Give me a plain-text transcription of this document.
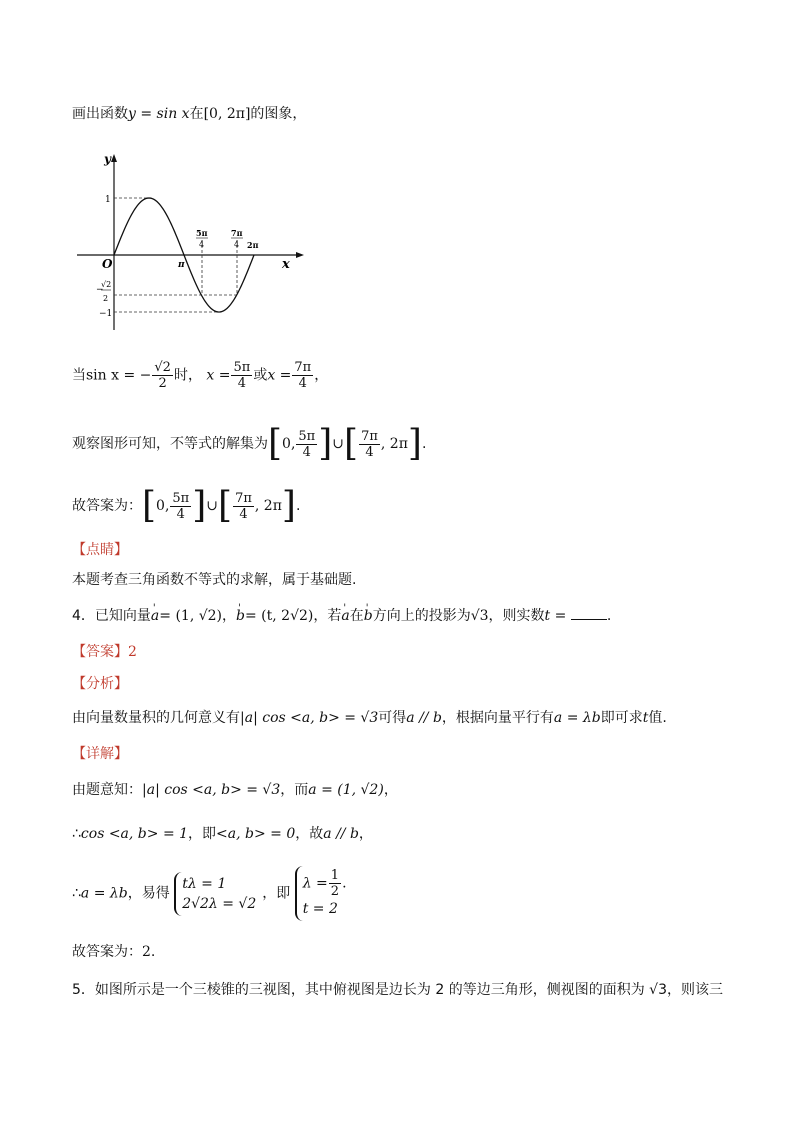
画出函数y = sin x在[0, 2π]的图象，
y
x
O
1
−
√2
2
−1
π
5π
4
7π
4 2π
当sin x = − $\frac{√2}{2}$ 时， $x = \frac{5\pi}{4}$ 或$x = \frac{7\pi}{4}$ ，
观察图形可知，不等式的解集为[0, $\frac{5\pi}{4}$ ]∪[ $\frac{7\pi}{4}$ , 2π].
故答案为：[0, $\frac{5\pi}{4}$ ]∪[ $\frac{7\pi}{4}$ , 2π].
【点睛】
本题考查三角函数不等式的求解，属于基础题.
4．已知向量' a= (1, √2)，' b= (t, 2√2)，若' a在' b方向上的投影为√3，则实数t =	.
【答案】2
【分析】
由向量数量积的几何意义有|a| cos <a, b> = √3可得a // b，根据向量平行有a = λb即可求t值.
【详解】
由题意知：|a| cos <a, b> = √3，而a = (1, √2)，
∴cos <a, b> = 1，即<a, b> = 0，故a // b，
∴a = λb，易得 tλ = 1
2√2λ = √2，即 $\lambda = \frac{1}{2}$ .
t = 2
故答案为：2.
5．如图所示是一个三棱锥的三视图，其中俯视图是边长为 2 的等边三角形，侧视图的面积为 √3，则该三
